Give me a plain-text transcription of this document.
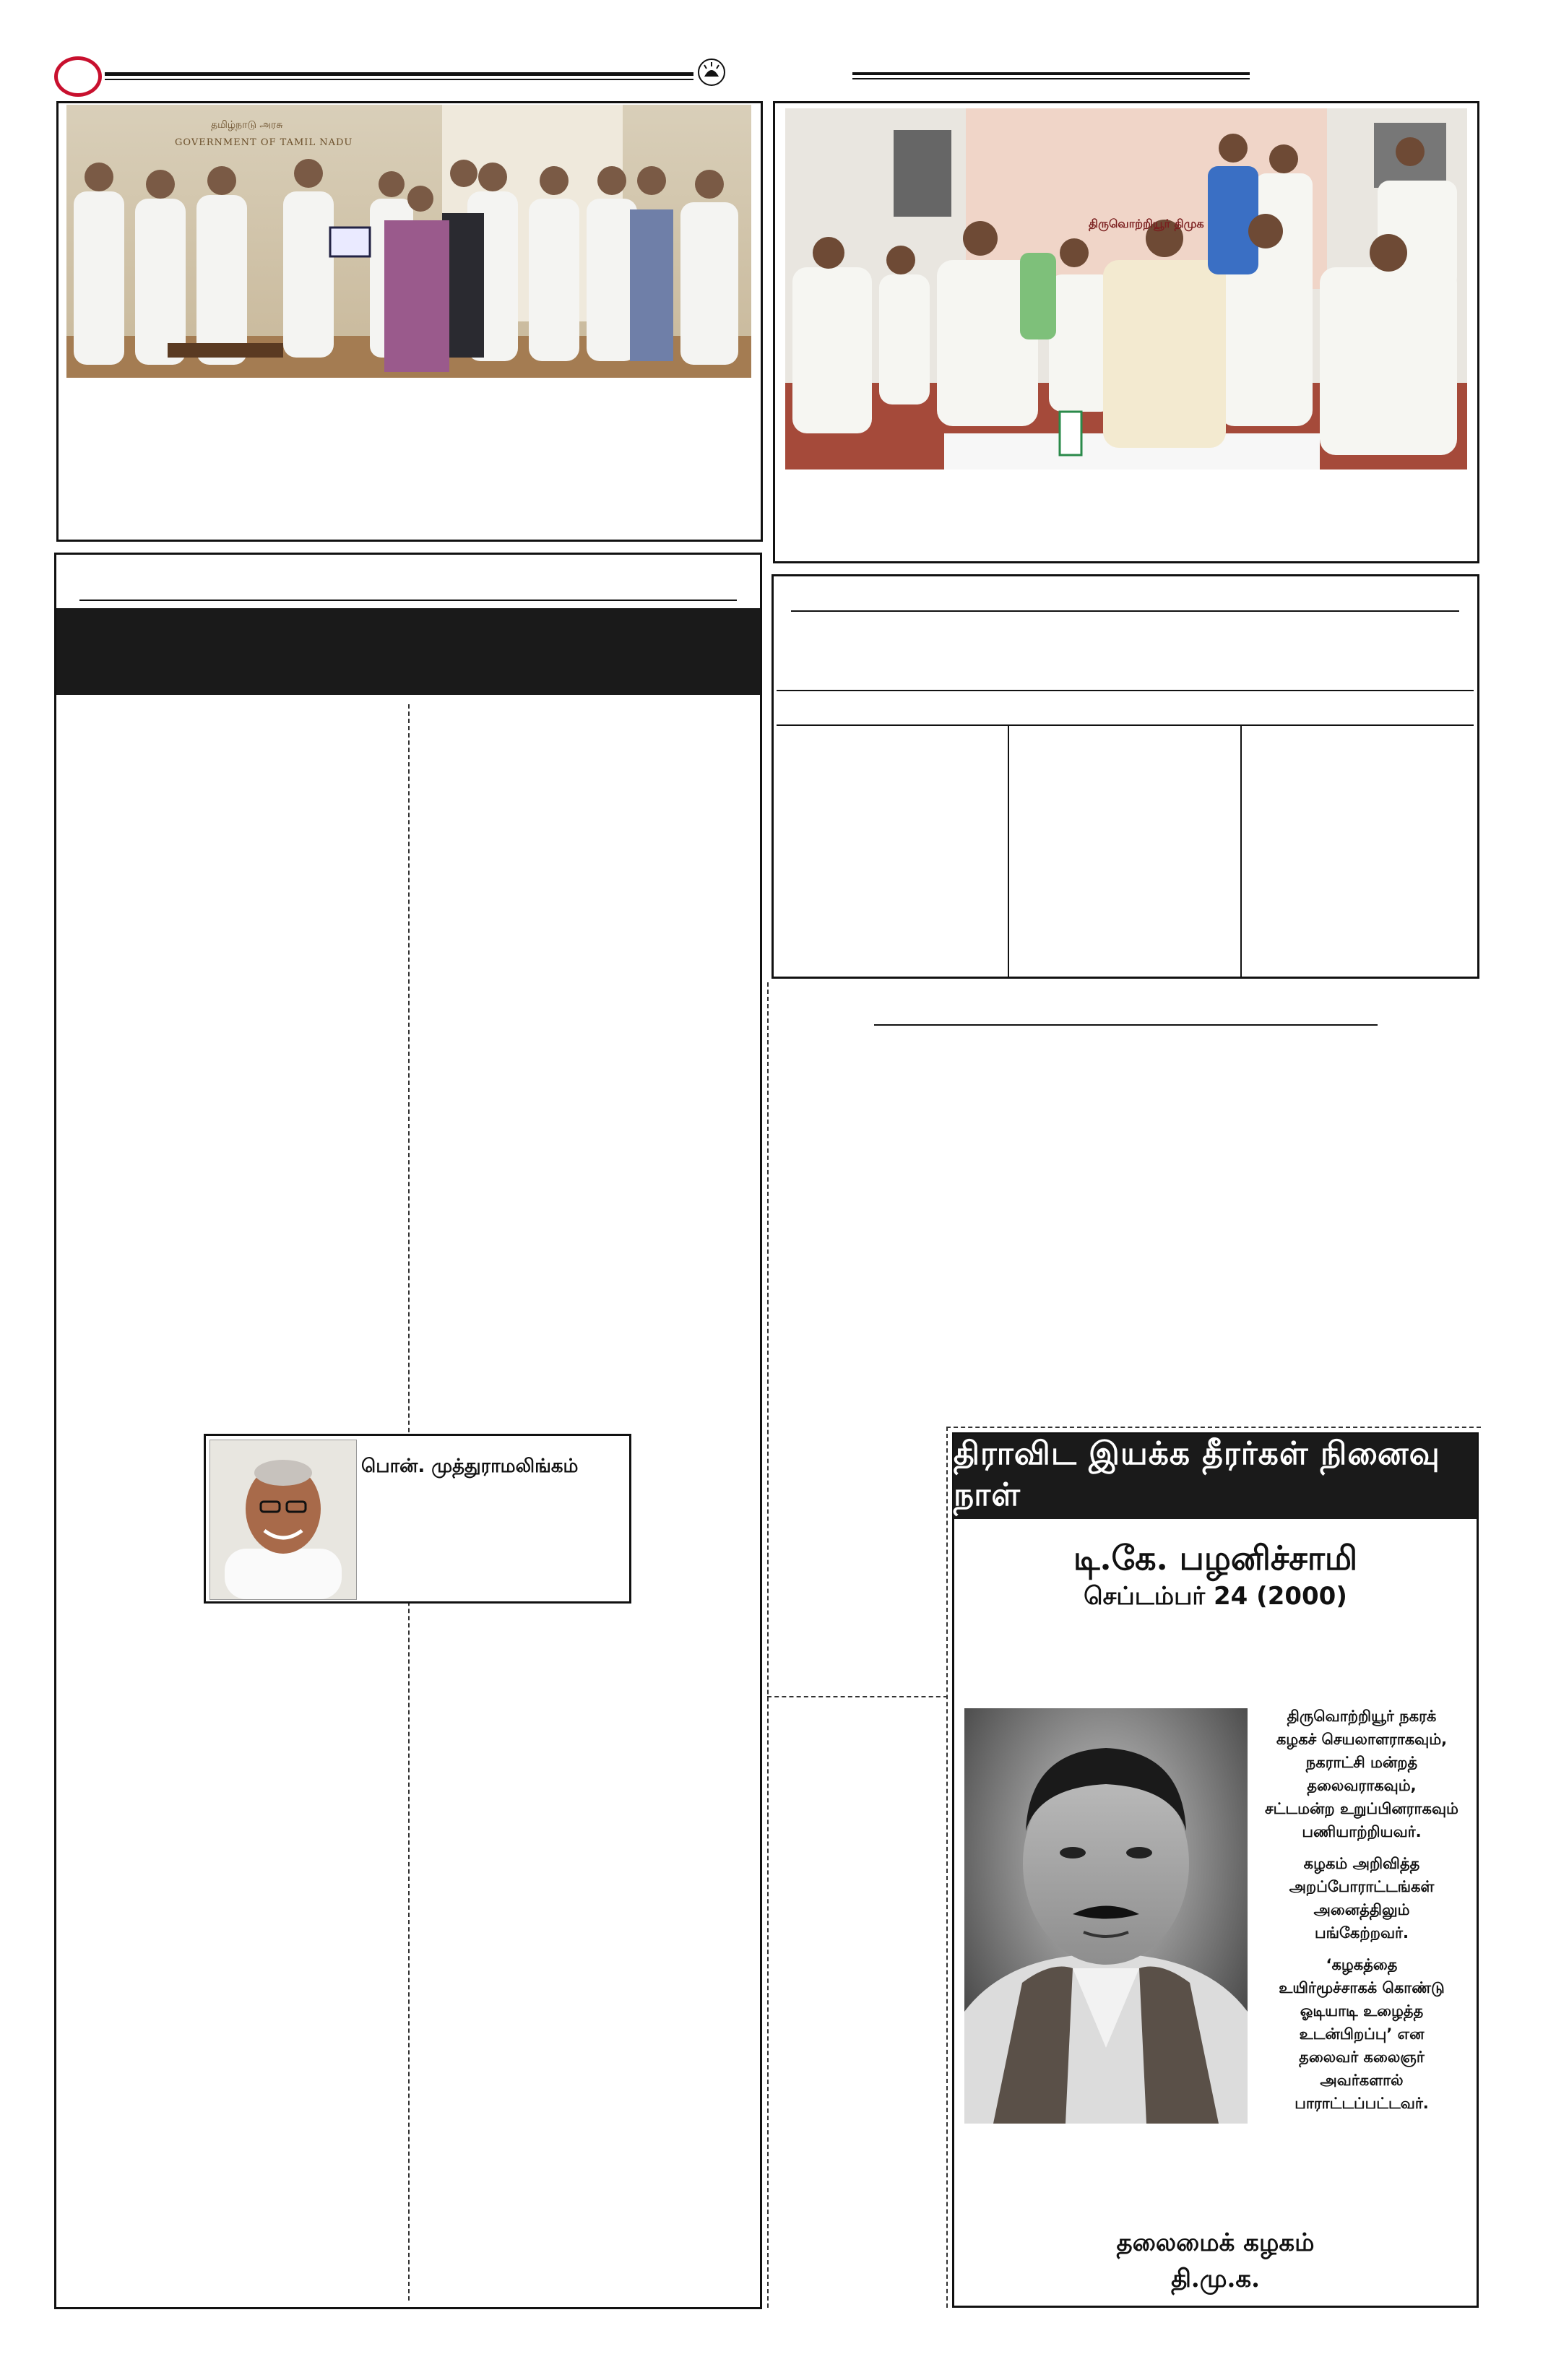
தமிழ்நாடு அரசு
GOVERNMENT OF TAMIL NADU
திருவொற்றியூர் திமுக
பொன். முத்துராமலிங்கம்	திராவிட இயக்க தீரர்கள் நினைவு நாள்
டி.கே. பழனிச்சாமி
செப்டம்பர் 24 (2000)

திருவொற்றியூர் நகரக்
கழகச் செயலாளராகவும்,
நகராட்சி மன்றத்
தலைவராகவும்,
சட்டமன்ற உறுப்பினராகவும்
பணியாற்றியவர்.

கழகம் அறிவித்த
அறப்போராட்டங்கள்
அனைத்திலும்
பங்கேற்றவர்.

‘கழகத்தை
உயிர்மூச்சாகக் கொண்டு
ஓடியாடி உழைத்த
உடன்பிறப்பு’ என
தலைவர் கலைஞர்
அவர்களால்
பாராட்டப்பட்டவர்.

தலைமைக் கழகம்
தி.மு.க.
